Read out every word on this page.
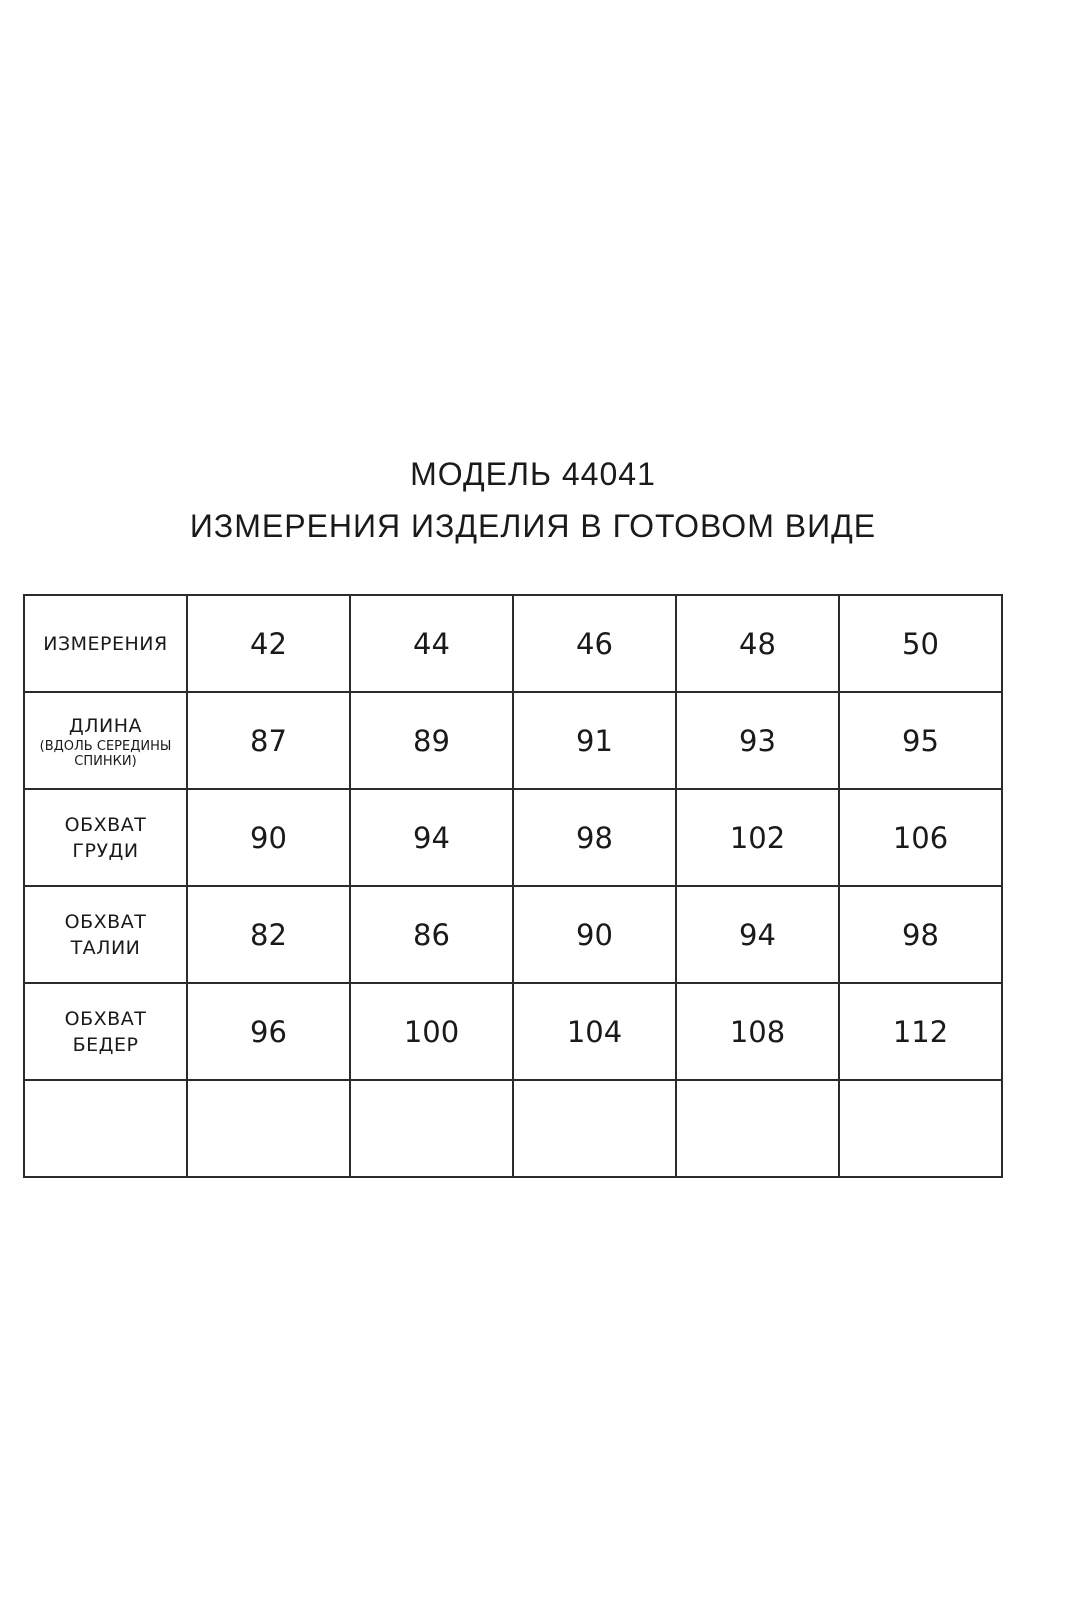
МОДЕЛЬ 44041
ИЗМЕРЕНИЯ ИЗДЕЛИЯ В ГОТОВОМ ВИДЕ
ИЗМЕРЕНИЯ	42	44	46	48	50

ДЛИНА
(ВДОЛЬ СЕРЕДИНЫ
СПИНКИ)	87	89	91	93	95

ОБХВАТ
ГРУДИ	90	94	98	102	106

ОБХВАТ
ТАЛИИ	82	86	90	94	98

ОБХВАТ
БЕДЕР	96	100	104	108	112
